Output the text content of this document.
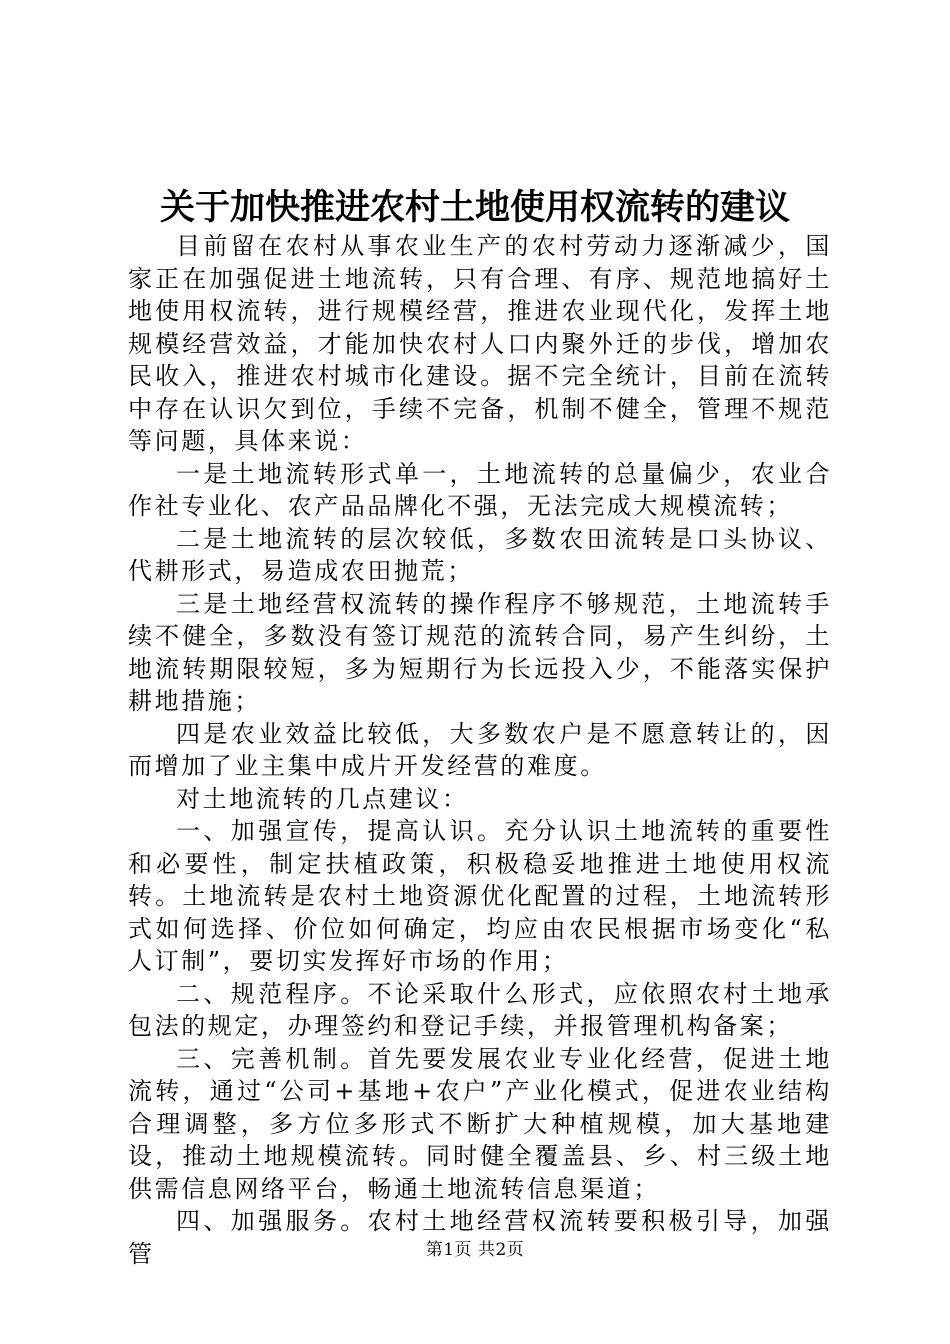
关于加快推进农村土地使用权流转的建议

目前留在农村从事农业生产的农村劳动力逐渐减少，国家正在加强促进土地流转，只有合理、有序、规范地搞好土地使用权流转，进行规模经营，推进农业现代化，发挥土地规模经营效益，才能加快农村人口内聚外迁的步伐，增加农民收入，推进农村城市化建设。据不完全统计，目前在流转中存在认识欠到位，手续不完备，机制不健全，管理不规范等问题，具体来说：

一是土地流转形式单一，土地流转的总量偏少，农业合作社专业化、农产品品牌化不强，无法完成大规模流转；

二是土地流转的层次较低，多数农田流转是口头协议、代耕形式，易造成农田抛荒；

三是土地经营权流转的操作程序不够规范，土地流转手续不健全，多数没有签订规范的流转合同，易产生纠纷，土地流转期限较短，多为短期行为长远投入少，不能落实保护耕地措施；

四是农业效益比较低，大多数农户是不愿意转让的，因而增加了业主集中成片开发经营的难度。

对土地流转的几点建议：

一、加强宣传，提高认识。充分认识土地流转的重要性和必要性，制定扶植政策，积极稳妥地推进土地使用权流转。土地流转是农村土地资源优化配置的过程，土地流转形式如何选择、价位如何确定，均应由农民根据市场变化“私人订制”，要切实发挥好市场的作用；

二、规范程序。不论采取什么形式，应依照农村土地承包法的规定，办理签约和登记手续，并报管理机构备案；

三、完善机制。首先要发展农业专业化经营，促进土地流转，通过“公司+基地+农户”产业化模式，促进农业结构合理调整，多方位多形式不断扩大种植规模，加大基地建设，推动土地规模流转。同时健全覆盖县、乡、村三级土地供需信息网络平台，畅通土地流转信息渠道；

四、加强服务。农村土地经营权流转要积极引导，加强管	第1页 共2页
